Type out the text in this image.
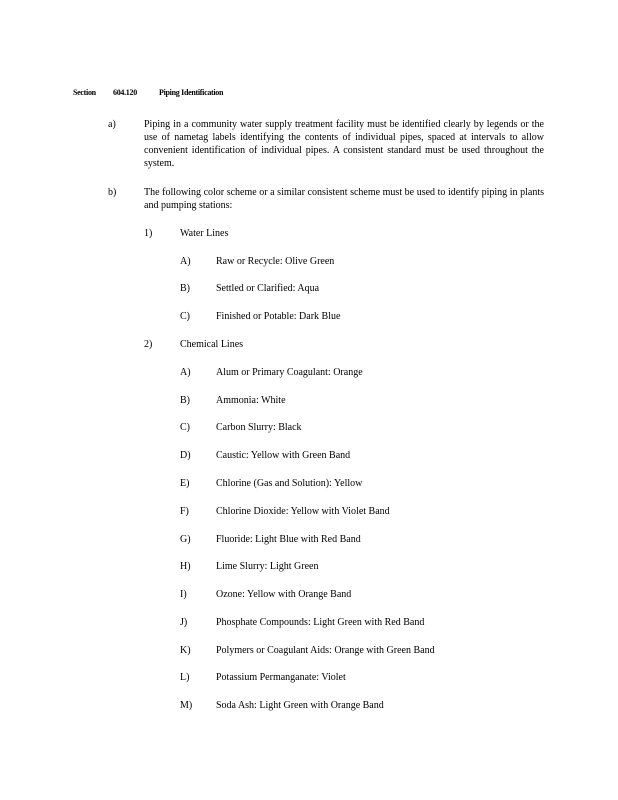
Section 604.120	Piping Identification
a)	Piping in a community water supply treatment facility must be identified clearly by legends or the use of nametag labels identifying the contents of individual pipes, spaced at intervals to allow convenient identification of individual pipes. A consistent standard must be used throughout the system.
b)	The following color scheme or a similar consistent scheme must be used to identify piping in plants and pumping stations:
1)	Water Lines
A)	Raw or Recycle: Olive Green
B)	Settled or Clarified: Aqua
C)	Finished or Potable: Dark Blue
2)	Chemical Lines
A)	Alum or Primary Coagulant: Orange
B)	Ammonia: White
C)	Carbon Slurry: Black
D)	Caustic: Yellow with Green Band
E)	Chlorine (Gas and Solution): Yellow
F)	Chlorine Dioxide: Yellow with Violet Band
G)	Fluoride: Light Blue with Red Band
H)	Lime Slurry: Light Green
I)	Ozone: Yellow with Orange Band
J)	Phosphate Compounds: Light Green with Red Band
K)	Polymers or Coagulant Aids: Orange with Green Band
L)	Potassium Permanganate: Violet
M) Soda Ash: Light Green with Orange Band
